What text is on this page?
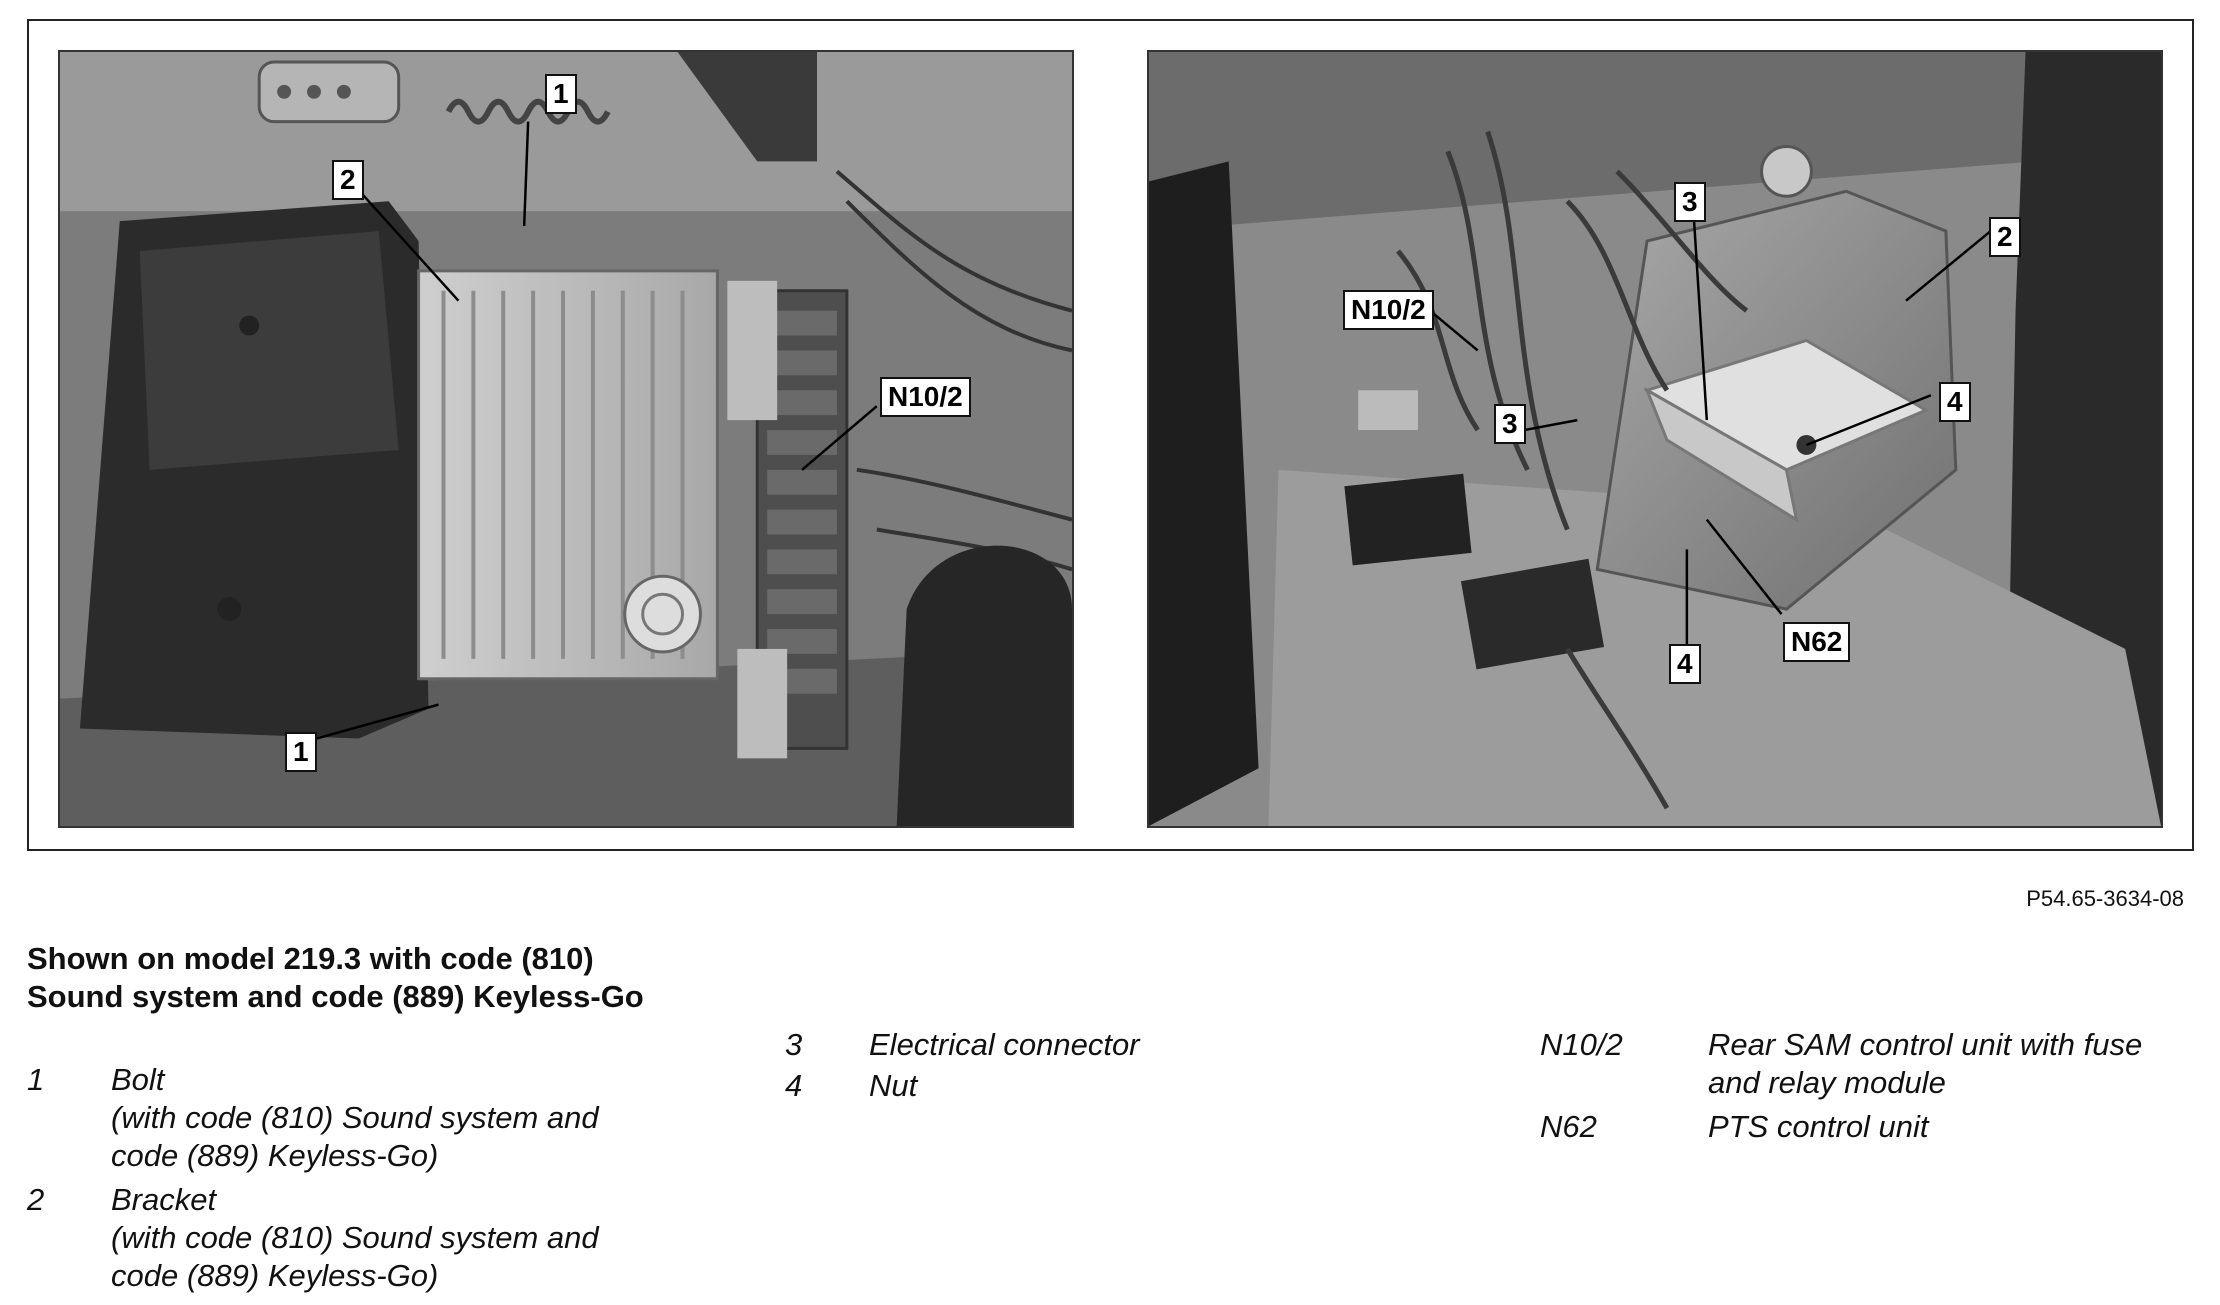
1
2
N10/2
1
N10/2
3
2
3
4
4
N62
P54.65-3634-08
Shown on model 219.3 with code (810) Sound system and code (889) Keyless-Go
1 Bolt
(with code (810) Sound system and
code (889) Keyless-Go)
2 Bracket
(with code (810) Sound system and
code (889) Keyless-Go)
3 Electrical connector
4 Nut
N10/2	Rear SAM control unit with fuse
and relay module
N62	PTS control unit
